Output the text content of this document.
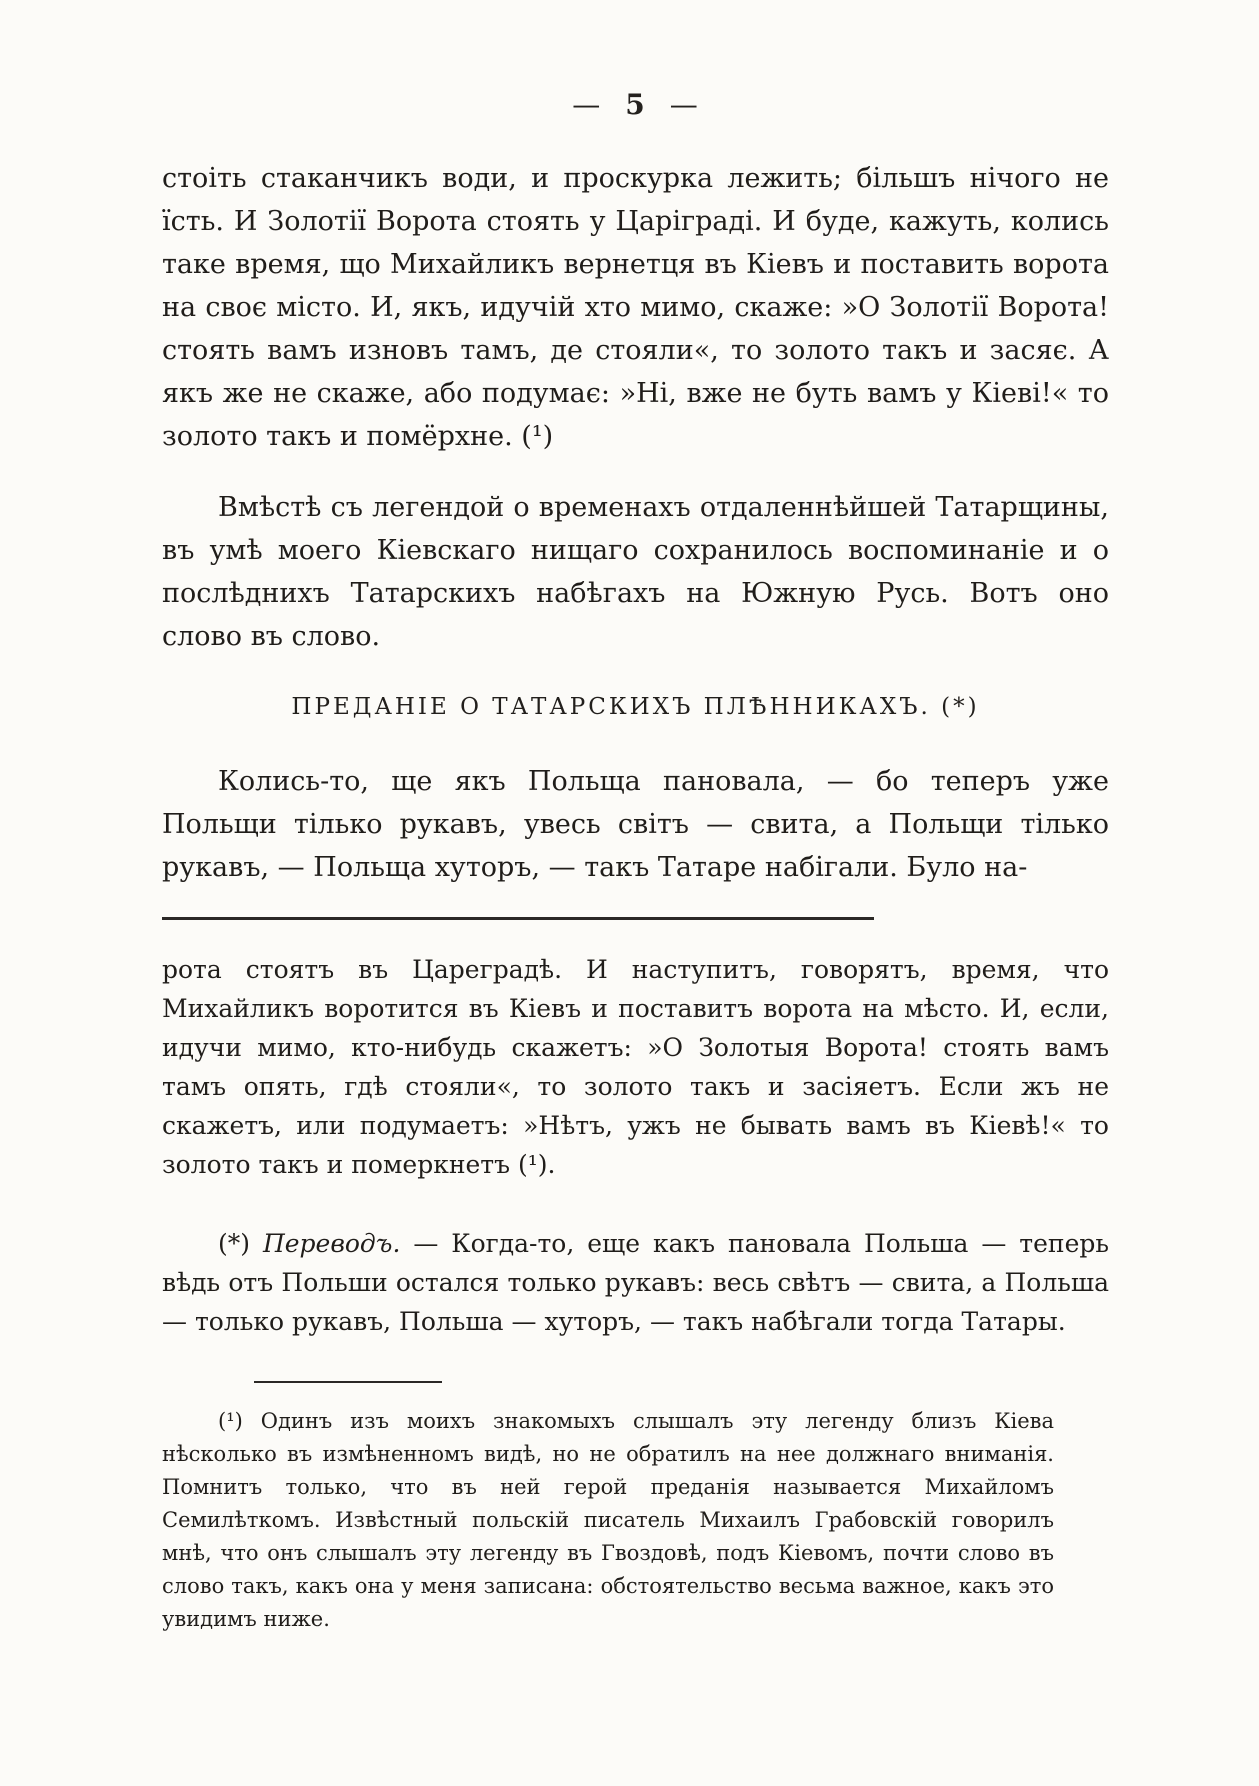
— 5 —

стоіть стаканчикъ води, и проскурка лежить; більшъ нічого не їсть. И Золотії Ворота стоять у Царіграді. И буде, кажуть, колись таке время, що Михайликъ вернетця въ Кіевъ и поставить ворота на своє місто. И, якъ, идучій хто мимо, скаже: »О Золотії Ворота! стоять вамъ изновъ тамъ, де стояли«, то золото такъ и засяє. А якъ же не скаже, або подумає: »Ні, вже не буть вамъ у Кіеві!« то золото такъ и помёрхне. (¹)

Вмѣстѣ съ легендой о временахъ отдаленнѣйшей Татарщины, въ умѣ моего Кіевскаго нищаго сохранилось воспоминаніе и о послѣднихъ Татарскихъ набѣгахъ на Южную Русь. Вотъ оно слово въ слово.

ПРЕДАНІЕ О ТАТАРСКИХЪ ПЛѢННИКАХЪ. (*)

Колись-то, ще якъ Польща пановала, — бо теперъ уже Польщи тілько рукавъ, увесь світъ — свита, а Польщи тілько рукавъ, — Польща хуторъ, — такъ Татаре набігали. Було на-

рота стоятъ въ Цареградѣ. И наступитъ, говорятъ, время, что Михайликъ воротится въ Кіевъ и поставитъ ворота на мѣсто. И, если, идучи мимо, кто-нибудь скажетъ: »О Золотыя Ворота! стоять вамъ тамъ опять, гдѣ стояли«, то золото такъ и засіяетъ. Если жъ не скажетъ, или подумаетъ: »Нѣтъ, ужъ не бывать вамъ въ Кіевѣ!« то золото такъ и померкнетъ (¹).

(*) Переводъ. — Когда-то, еще какъ пановала Польша — теперь вѣдь отъ Польши остался только рукавъ: весь свѣтъ — свита, а Польша — только рукавъ, Польша — хуторъ, — такъ набѣгали тогда Татары.

(¹) Одинъ изъ моихъ знакомыхъ слышалъ эту легенду близъ Кіева нѣсколько въ измѣненномъ видѣ, но не обратилъ на нее должнаго вниманія. Помнитъ только, что въ ней герой преданія называется Михайломъ Семилѣткомъ. Извѣстный польскій писатель Михаилъ Грабовскій говорилъ мнѣ, что онъ слышалъ эту легенду въ Гвоздовѣ, подъ Кіевомъ, почти слово въ слово такъ, какъ она у меня записана: обстоятельство весьма важное, какъ это увидимъ ниже.
